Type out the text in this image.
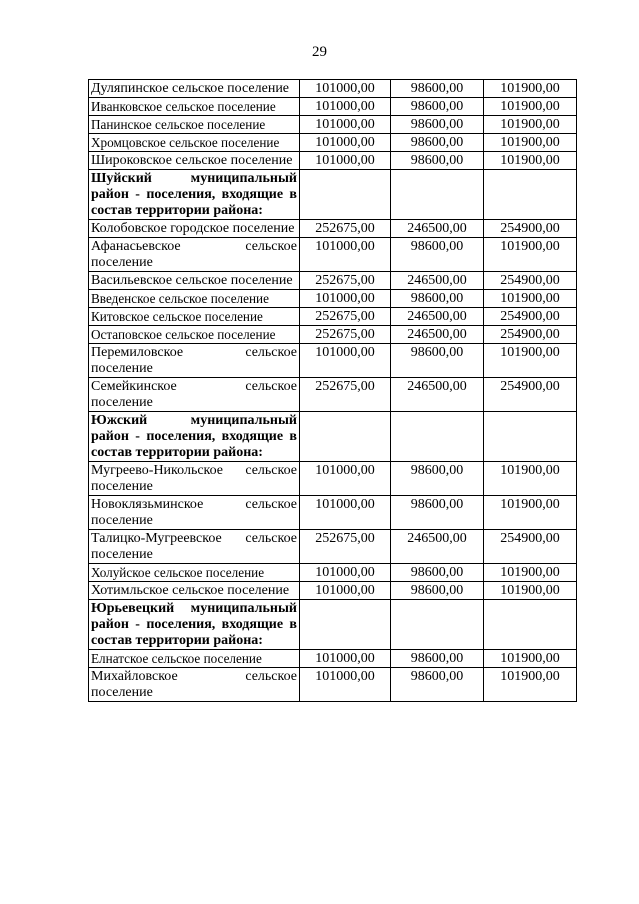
29
Дуляпинское сельское поселение	101000,00	98600,00	101900,00
Иванковское сельское поселение	101000,00	98600,00	101900,00
Панинское сельское поселение	101000,00	98600,00	101900,00
Хромцовское сельское поселение	101000,00	98600,00	101900,00
Широковское сельское поселение	101000,00	98600,00	101900,00
Шуйский муниципальный район - поселения, входящие в состав территории района:			
Колобовское городское поселение	252675,00	246500,00	254900,00
Афанасьевское сельское поселение	101000,00	98600,00	101900,00
Васильевское сельское поселение	252675,00	246500,00	254900,00
Введенское сельское поселение	101000,00	98600,00	101900,00
Китовское сельское поселение	252675,00	246500,00	254900,00
Остаповское сельское поселение	252675,00	246500,00	254900,00
Перемиловское сельское поселение	101000,00	98600,00	101900,00
Семейкинское сельское поселение	252675,00	246500,00	254900,00
Южский муниципальный район - поселения, входящие в состав территории района:			
Мугреево-Никольское сельское поселение	101000,00	98600,00	101900,00
Новоклязьминское сельское поселение	101000,00	98600,00	101900,00
Талицко-Мугреевское сельское поселение	252675,00	246500,00	254900,00
Холуйское сельское поселение	101000,00	98600,00	101900,00
Хотимльское сельское поселение	101000,00	98600,00	101900,00
Юрьевецкий муниципальный район - поселения, входящие в состав территории района:			
Елнатское сельское поселение	101000,00	98600,00	101900,00
Михайловское сельское поселение	101000,00	98600,00	101900,00
